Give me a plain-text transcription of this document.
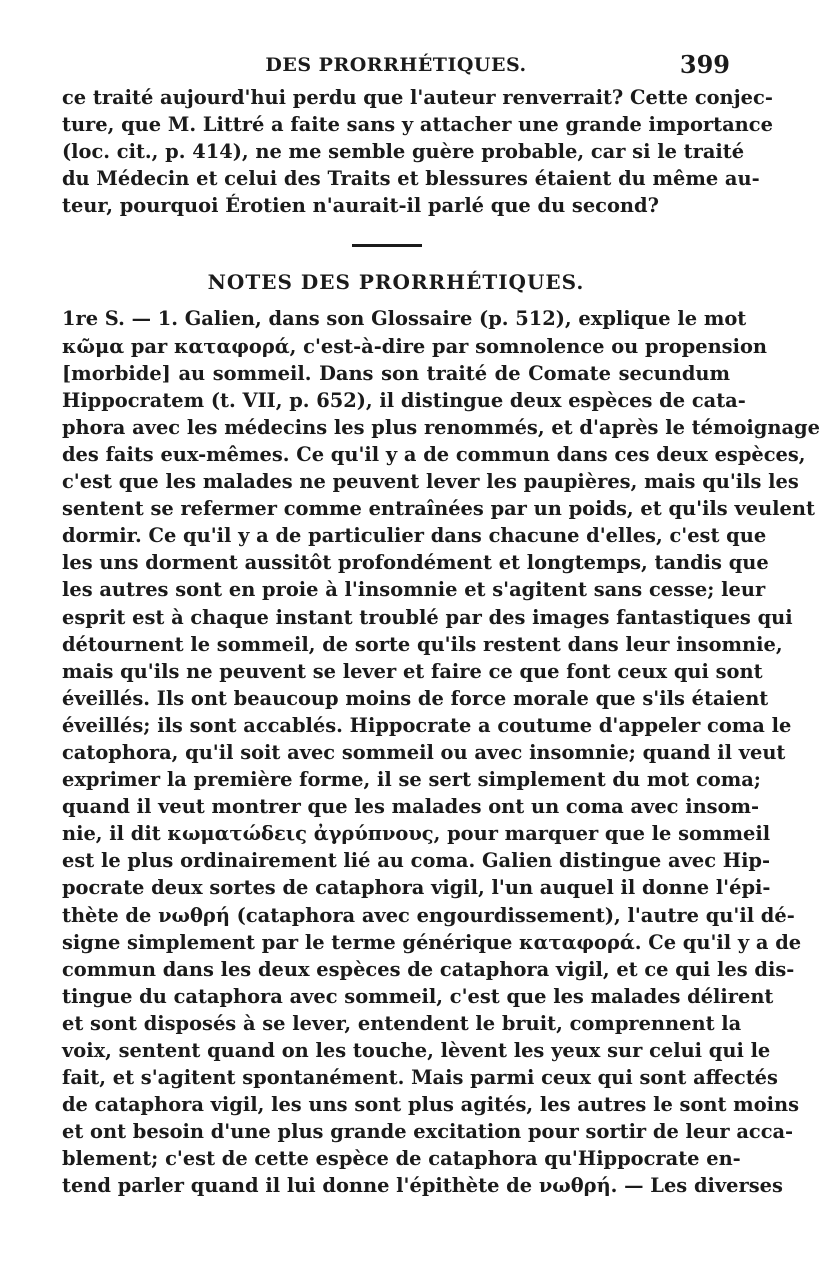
DES PRORRHÉTIQUES.	399
ce traité aujourd'hui perdu que l'auteur renverrait? Cette conjec-
ture, que M. Littré a faite sans y attacher une grande importance
(loc. cit., p. 414), ne me semble guère probable, car si le traité
du Médecin et celui des Traits et blessures étaient du même au-
teur, pourquoi Érotien n'aurait-il parlé que du second?
NOTES DES PRORRHÉTIQUES.
1re S. — 1. Galien, dans son Glossaire (p. 512), explique le mot
κῶμα par καταφορά, c'est-à-dire par somnolence ou propension
[morbide] au sommeil. Dans son traité de Comate secundum
Hippocratem (t. VII, p. 652), il distingue deux espèces de cata-
phora avec les médecins les plus renommés, et d'après le témoignage
des faits eux-mêmes. Ce qu'il y a de commun dans ces deux espèces,
c'est que les malades ne peuvent lever les paupières, mais qu'ils les
sentent se refermer comme entraînées par un poids, et qu'ils veulent
dormir. Ce qu'il y a de particulier dans chacune d'elles, c'est que
les uns dorment aussitôt profondément et longtemps, tandis que
les autres sont en proie à l'insomnie et s'agitent sans cesse; leur
esprit est à chaque instant troublé par des images fantastiques qui
détournent le sommeil, de sorte qu'ils restent dans leur insomnie,
mais qu'ils ne peuvent se lever et faire ce que font ceux qui sont
éveillés. Ils ont beaucoup moins de force morale que s'ils étaient
éveillés; ils sont accablés. Hippocrate a coutume d'appeler coma le
catophora, qu'il soit avec sommeil ou avec insomnie; quand il veut
exprimer la première forme, il se sert simplement du mot coma;
quand il veut montrer que les malades ont un coma avec insom-
nie, il dit κωματώδεις ἀγρύπνους, pour marquer que le sommeil
est le plus ordinairement lié au coma. Galien distingue avec Hip-
pocrate deux sortes de cataphora vigil, l'un auquel il donne l'épi-
thète de νωθρή (cataphora avec engourdissement), l'autre qu'il dé-
signe simplement par le terme générique καταφορά. Ce qu'il y a de
commun dans les deux espèces de cataphora vigil, et ce qui les dis-
tingue du cataphora avec sommeil, c'est que les malades délirent
et sont disposés à se lever, entendent le bruit, comprennent la
voix, sentent quand on les touche, lèvent les yeux sur celui qui le
fait, et s'agitent spontanément. Mais parmi ceux qui sont affectés
de cataphora vigil, les uns sont plus agités, les autres le sont moins
et ont besoin d'une plus grande excitation pour sortir de leur acca-
blement; c'est de cette espèce de cataphora qu'Hippocrate en-
tend parler quand il lui donne l'épithète de νωθρή. — Les diverses
